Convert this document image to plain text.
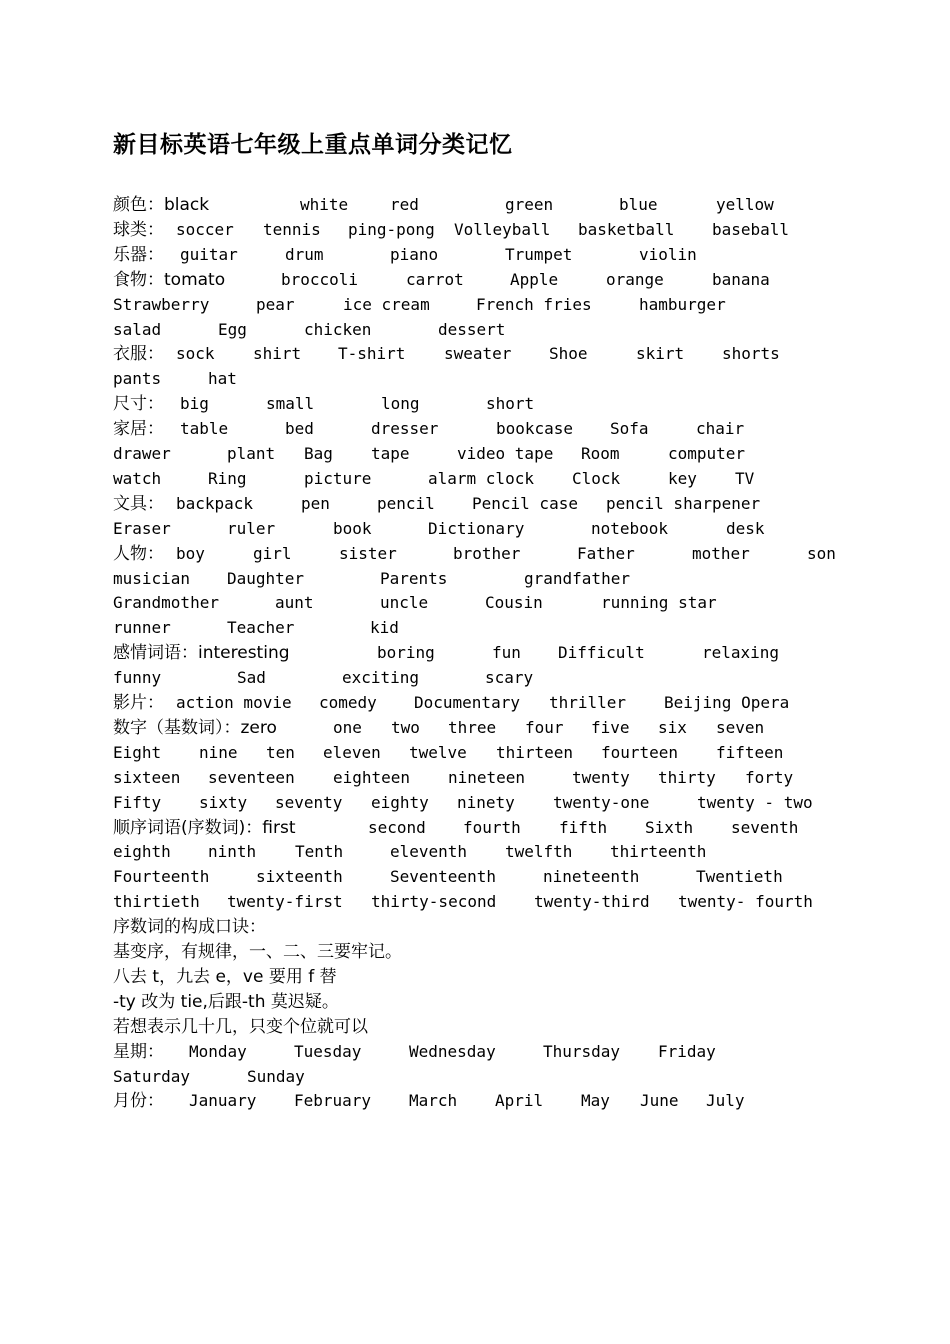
新目标英语七年级上重点单词分类记忆
颜色：black	white	red	green	blue	yellow
球类： soccer tennis ping-pong Volleyball basketball baseball
乐器： guitar	drum	piano	Trumpet	violin
食物：tomato	broccoli	carrot	Apple	orange	banana
Strawberry	pear	ice cream	French fries	hamburger
salad	Egg	chicken	dessert
衣服： sock shirt T-shirt sweater Shoe	skirt shorts
pants	hat
尺寸： big	small	long	short
家居： table	bed	dresser	bookcase Sofa	chair
drawer	plant Bag tape	video tape Room	computer
watch	Ring	picture	alarm clock Clock	key TV
文具： backpack	pen	pencil Pencil case pencil sharpener
Eraser	ruler	book	Dictionary	notebook	desk
人物： boy	girl	sister	brother	Father	mother	son
musician Daughter	Parents	grandfather
Grandmother	aunt	uncle	Cousin	running star
runner	Teacher	kid
感情词语：interesting	boring	fun Difficult	relaxing
funny	Sad	exciting	scary
影片： action movie comedy Documentary thriller Beijing Opera
数字（基数词）：zero	one two three four five six seven
Eight nine ten eleven twelve thirteen fourteen fifteen
sixteen seventeen eighteen nineteen	twenty thirty forty
Fifty sixty seventy eighty ninety twenty-one	twenty - two
顺序词语(序数词)：first	second fourth fifth Sixth seventh
eighth ninth Tenth	eleventh twelfth thirteenth
Fourteenth	sixteenth	Seventeenth	nineteenth	Twentieth
thirtieth twenty-first thirty-second twenty-third twenty- fourth
序数词的构成口诀：
基变序，有规律，一、二、三要牢记。
八去 t，九去 e，ve 要用 f 替
-ty 改为 tie,后跟-th 莫迟疑。
若想表示几十几，只变个位就可以
星期： Monday	Tuesday	Wednesday	Thursday Friday
Saturday	Sunday
月份： January February March April May June July
